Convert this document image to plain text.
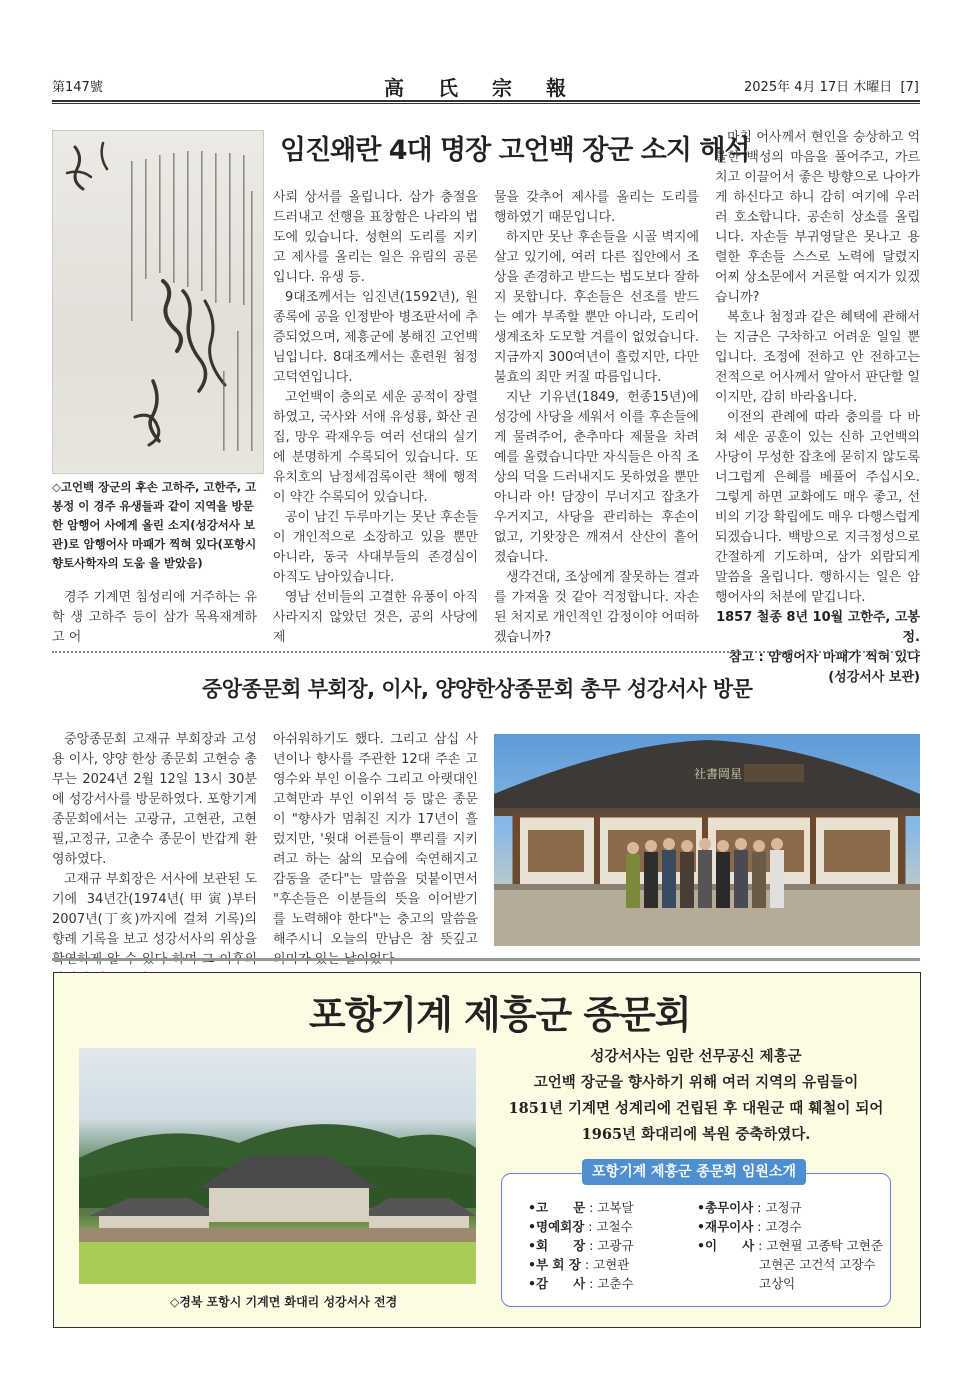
第147號	高氏宗報	2025年 4月 17日 木曜日 [7]
◇고언백 장군의 후손 고하주, 고한주, 고봉정 이 경주 유생들과 같이 지역을 방문한 암행어 사에게 올린 소지(성강서사 보관)로 암행어사 마패가 찍혀 있다(포항시 향토사학자의 도움 을 받았음)

경주 기계면 침성리에 거주하는 유학 생 고하주 등이 삼가 목욕재계하고 어

임진왜란 4대 명장 고언백 장군 소지 해석

사뢰 상서를 올립니다. 삼가 충절을 드러내고 선행을 표창함은 나라의 법도에 있습니다. 성현의 도리를 지키고 제사를 올리는 일은 유림의 공론입니다. 유생 등.

9대조께서는 임진년(1592년), 원종록에 공을 인정받아 병조판서에 추증되었으며, 제흥군에 봉해진 고언백님입니다. 8대조께서는 훈련원 첨정 고덕연입니다.

고언백이 충의로 세운 공적이 장렬하였고, 국사와 서애 유성룡, 화산 권집, 망우 곽재우등 여러 선대의 실기에 분명하게 수록되어 있습니다. 또 유치호의 남정세검록이란 책에 행적이 약간 수록되어 있습니다.

공이 남긴 두루마기는 못난 후손들이 개인적으로 소장하고 있을 뿐만 아니라, 동국 사대부들의 존경심이 아직도 남아있습니다.

영남 선비들의 고결한 유풍이 아직 사라지지 않았던 것은, 공의 사당에 제

물을 갖추어 제사를 올리는 도리를 행하였기 때문입니다.

하지만 못난 후손들을 시골 벽지에 살고 있기에, 여러 다른 집안에서 조상을 존경하고 받드는 법도보다 잘하지 못합니다. 후손들은 선조를 받드는 예가 부족할 뿐만 아니라, 도리어 생계조차 도모할 겨를이 없었습니다. 지금까지 300여년이 흘렀지만, 다만 불효의 죄만 커질 따름입니다.

지난 기유년(1849, 헌종15년)에 성강에 사당을 세워서 이를 후손들에게 물려주어, 춘추마다 제물을 차려 예를 올렸습니다만 자식들은 아직 조상의 덕을 드러내지도 못하였을 뿐만 아니라 아! 담장이 무너지고 잡초가 우거지고, 사당을 관리하는 후손이 없고, 기왓장은 깨져서 산산이 흩어졌습니다.

생각건대, 조상에게 잘못하는 결과를 가져올 것 같아 걱정합니다. 자손된 처지로 개인적인 감정이야 어떠하겠습니까?

마침 어사께서 현인을 숭상하고 억울한 백성의 마음을 풀어주고, 가르치고 이끌어서 좋은 방향으로 나아가게 하신다고 하니 감히 여기에 우러러 호소합니다. 공손히 상소를 올립니다. 자손들 부귀영달은 못나고 용렬한 후손들 스스로 노력에 달렸지 어찌 상소문에서 거론할 여지가 있겠습니까?

복호나 첨정과 같은 혜택에 관해서는 지금은 구차하고 어려운 일일 뿐입니다. 조정에 전하고 안 전하고는 전적으로 어사께서 알아서 판단할 일이지만, 감히 바라옵니다.

이전의 관례에 따라 충의를 다 바쳐 세운 공훈이 있는 신하 고언백의 사당이 무성한 잡초에 묻히지 않도록 너그럽게 은혜를 베풀어 주십시오. 그렇게 하면 교화에도 매우 좋고, 선비의 기강 확립에도 매우 다행스럽게 되겠습니다. 백방으로 지극정성으로 간절하게 기도하며, 삼가 외람되게 말씀을 올립니다. 행하시는 일은 암행어사의 처분에 맡깁니다.

1857 철종 8년 10월 고한주, 고봉정.

참고 : 암행어사 마패가 찍혀 있다

(성강서사 보관)

중앙종문회 부회장, 이사, 양양한상종문회 총무 성강서사 방문

중앙종문회 고재규 부회장과 고성용 이사, 양양 한상 종문회 고현승 총무는 2024년 2월 12일 13시 30분에 성강서사를 방문하였다. 포항기계 종문회에서는 고광규, 고현관, 고현필,고정규, 고춘수 종문이 반갑게 환영하였다.

고재규 부회장은 서사에 보관된 도기에 34년간(1974년(甲寅)부터 2007년(丁亥)까지에 걸쳐 기록)의 향례 기록을 보고 성강서사의 위상을

아쉬워하기도 했다. 그리고 삼십 사년이나 향사를 주관한 12대 주손 고영수와 부인 이을수 그리고 아랫대인 고혁만과 부인 이위석 등 많은 종문이 "향사가 멈춰진 지가 17년이 흘렀지만, '윗대 어른들이 뿌리를 지키려고 하는 삶의 모습에 숙연해지고 감동을 준다"는 말씀을 덧붙이면서 "후손들은 이분들의 뜻을 이어받기를 노력해야 한다"는 충고의 말씀을 해주시니 오늘의 만남은 참 뜻깊고

社書岡星
포항기계 제흥군 종문회
◇경북 포항시 기계면 화대리 성강서사 전경
성강서사는 임란 선무공신 제흥군
고언백 장군을 향사하기 위해 여러 지역의 유림들이
1851년 기계면 성계리에 건립된 후 대원군 때 훼철이 되어
1965년 화대리에 복원 중축하였다.
포항기계 제흥군 종문회 임원소개
•고　　문 : 고복달
•명예회장 : 고철수
•회　　장 : 고광규
•부 회 장 : 고현관
•감　　사 : 고춘수
•총무이사 : 고정규
•재무이사 : 고경수
•이　　사 : 고현필 고종탁 고현준
고현곤 고건석 고장수
고상익
